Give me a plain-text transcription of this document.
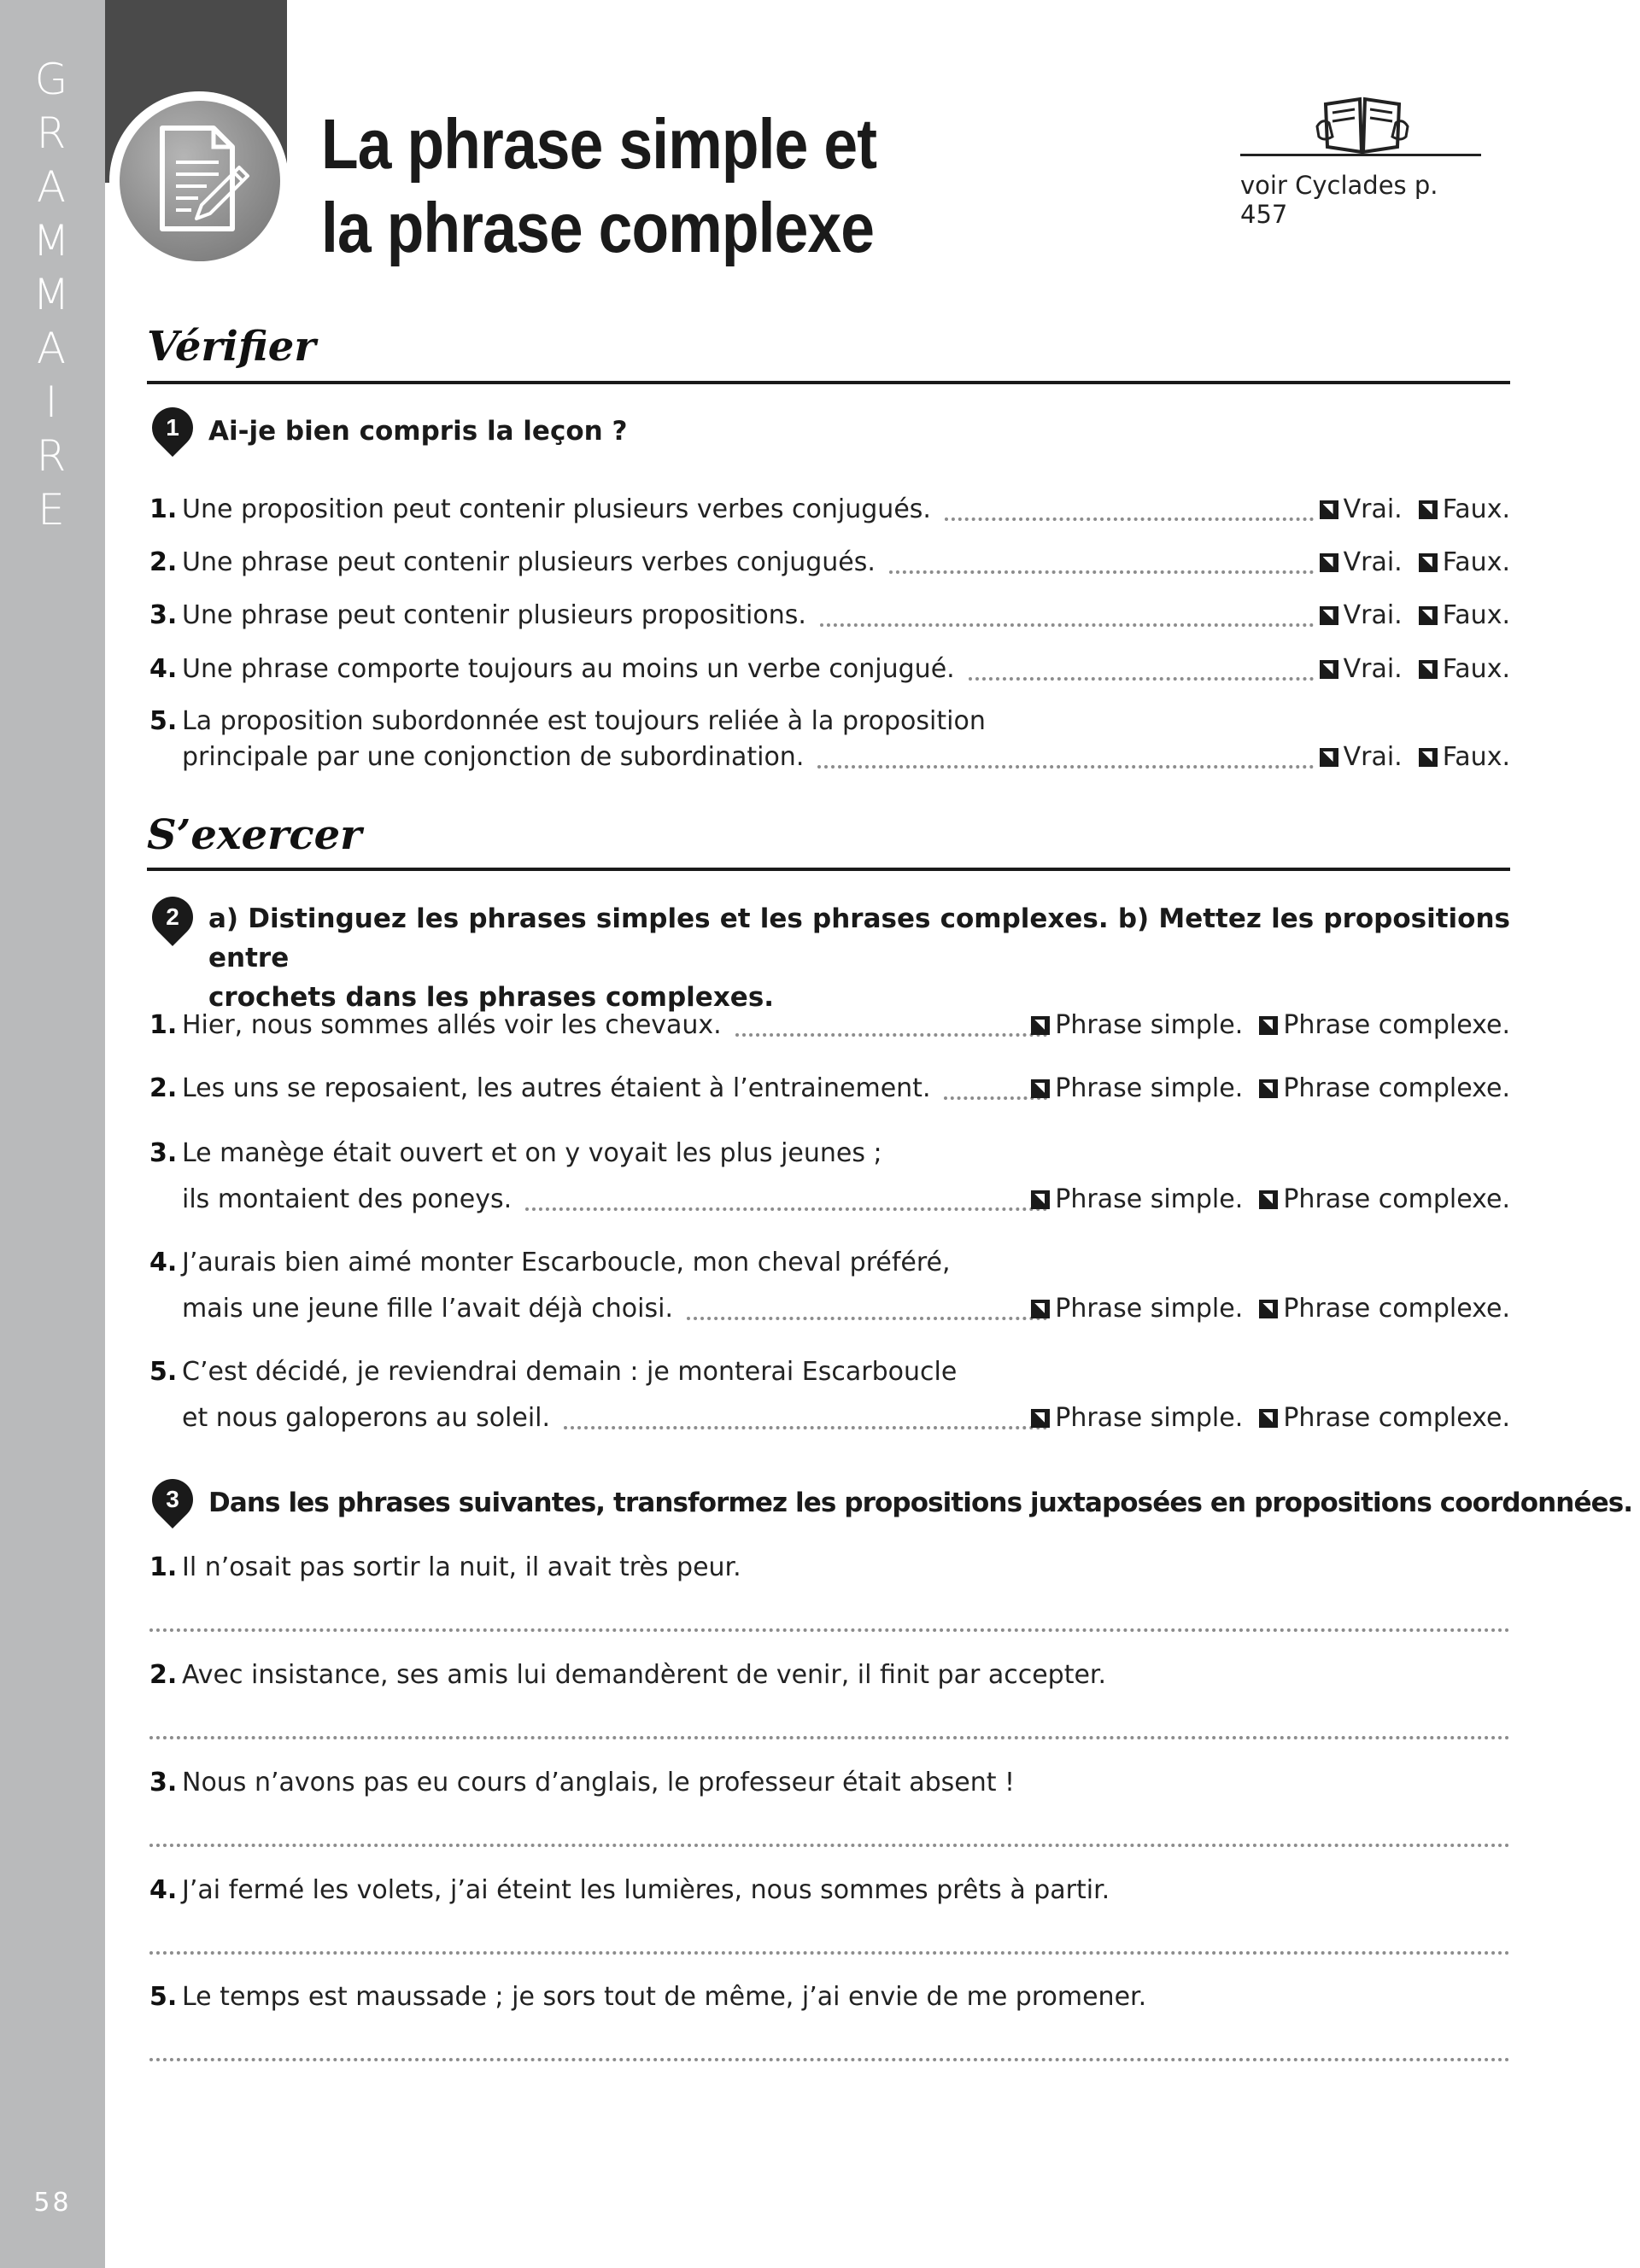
G
R
A
M
M
A
I
R
E
58
La phrase simple et
la phrase complexe
voir Cyclades p. 457
Vérifier
1	Ai-je bien compris la leçon ?
1. Une proposition peut contenir plusieurs verbes conjugués.	Vrai. Faux.
2. Une phrase peut contenir plusieurs verbes conjugués.	Vrai. Faux.
3. Une phrase peut contenir plusieurs propositions.	Vrai. Faux.
4. Une phrase comporte toujours au moins un verbe conjugué.	Vrai. Faux.
5. La proposition subordonnée est toujours reliée à la proposition
principale par une conjonction de subordination.	Vrai. Faux.
S’exercer
2	a) Distinguez les phrases simples et les phrases complexes. b) Mettez les propositions entre
crochets dans les phrases complexes.
1. Hier, nous sommes allés voir les chevaux.	Phrase simple. Phrase complexe.
2. Les uns se reposaient, les autres étaient à l’entrainement.	Phrase simple. Phrase complexe.
3. Le manège était ouvert et on y voyait les plus jeunes ;
ils montaient des poneys.	Phrase simple. Phrase complexe.
4. J’aurais bien aimé monter Escarboucle, mon cheval préféré,
mais une jeune fille l’avait déjà choisi.	Phrase simple. Phrase complexe.
5. C’est décidé, je reviendrai demain : je monterai Escarboucle
et nous galoperons au soleil.	Phrase simple. Phrase complexe.
3	Dans les phrases suivantes, transformez les propositions juxtaposées en propositions coordonnées.
1. Il n’osait pas sortir la nuit, il avait très peur.
2. Avec insistance, ses amis lui demandèrent de venir, il finit par accepter.
3. Nous n’avons pas eu cours d’anglais, le professeur était absent !
4. J’ai fermé les volets, j’ai éteint les lumières, nous sommes prêts à partir.
5. Le temps est maussade ; je sors tout de même, j’ai envie de me promener.
